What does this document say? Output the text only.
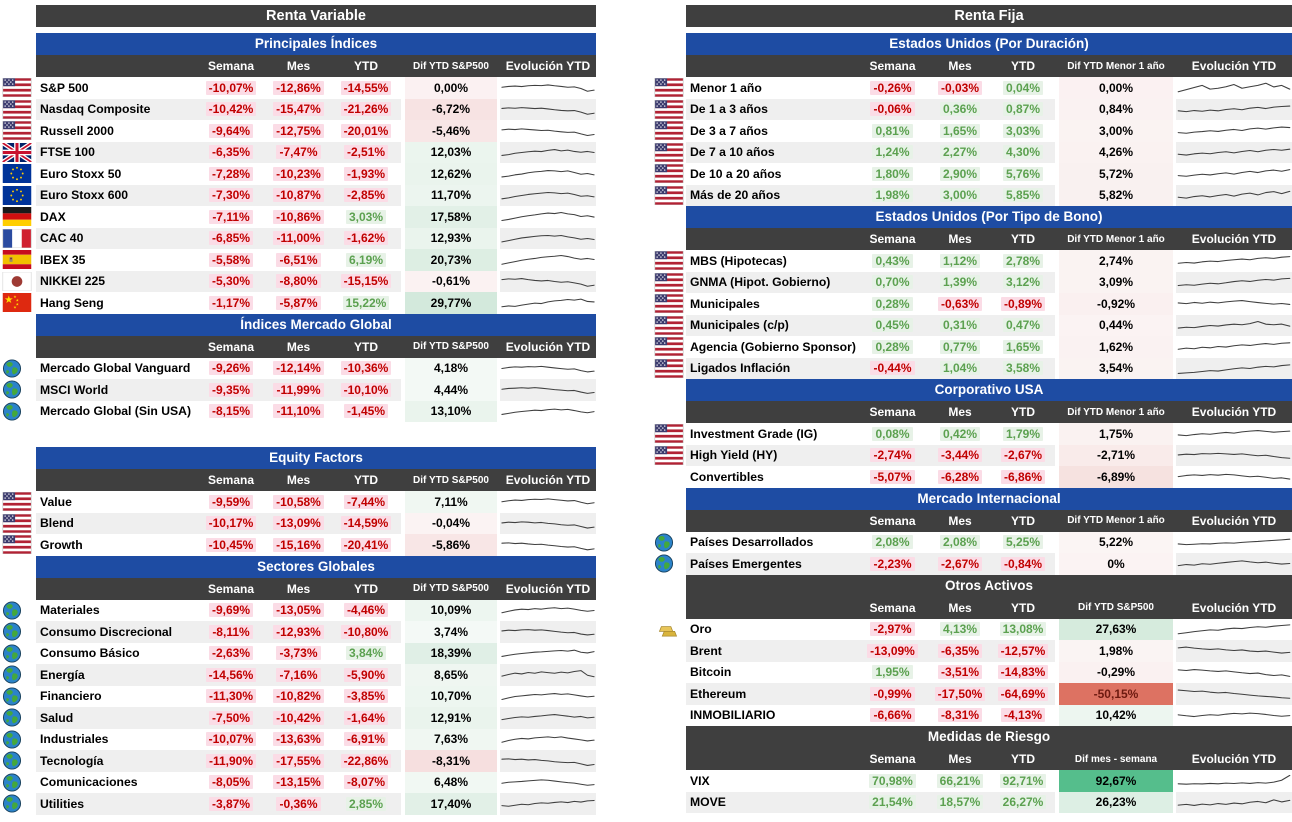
Renta Variable
Principales Índices
Semana	Mes	YTD	Dif YTD S&P500	Evolución YTD
S&P 500	-10,07% -12,86% -14,55%	0,00%
Nasdaq Composite	-10,42% -15,47% -21,26%	-6,72%
Russell 2000	-9,64% -12,75% -20,01%	-5,46%
FTSE 100	-6,35% -7,47% -2,51%	12,03%
Euro Stoxx 50	-7,28% -10,23% -1,93%	12,62%
Euro Stoxx 600	-7,30% -10,87% -2,85%	11,70%
DAX	-7,11% -10,86% 3,03%	17,58%
CAC 40	-6,85% -11,00% -1,62%	12,93%
IBEX 35	-5,58% -6,51%	6,19%	20,73%
NIKKEI 225	-5,30% -8,80% -15,15%	-0,61%
★ ★
★
★
★	Hang Seng	-1,17% -5,87% 15,22%	29,77%
Índices Mercado Global
Semana	Mes	YTD	Dif YTD S&P500	Evolución YTD
Mercado Global Vanguard	-9,26% -12,14% -10,36%	4,18%
MSCI World	-9,35% -11,99% -10,10%	4,44%
Mercado Global (Sin USA)	-8,15% -11,10% -1,45%	13,10%
Equity Factors
Semana	Mes	YTD	Dif YTD S&P500	Evolución YTD
Value	-9,59% -10,58% -7,44%	7,11%
Blend	-10,17% -13,09% -14,59%	-0,04%
Growth	-10,45% -15,16% -20,41%	-5,86%
Sectores Globales
Semana	Mes	YTD	Dif YTD S&P500	Evolución YTD
Materiales	-9,69% -13,05% -4,46%	10,09%
Consumo Discrecional	-8,11% -12,93% -10,80%	3,74%
Consumo Básico	-2,63% -3,73%	3,84%	18,39%
Energía	-14,56% -7,16% -5,90%	8,65%
Financiero	-11,30% -10,82% -3,85%	10,70%
Salud	-7,50% -10,42% -1,64%	12,91%
Industriales	-10,07% -13,63% -6,91%	7,63%
Tecnología	-11,90% -17,55% -22,86%	-8,31%
Comunicaciones	-8,05% -13,15% -8,07%	6,48%
Utilities	-3,87% -0,36%	2,85%	17,40%
Renta Fija
Estados Unidos (Por Duración)
Semana	Mes	YTD	Dif YTD Menor 1 año	Evolución YTD
Menor 1 año	-0,26% -0,03% 0,04%	0,00%
De 1 a 3 años	-0,06%	0,36% 0,87%	0,84%
De 3 a 7 años	0,81%	1,65% 3,03%	3,00%
De 7 a 10 años	1,24%	2,27% 4,30%	4,26%
De 10 a 20 años	1,80%	2,90% 5,76%	5,72%
Más de 20 años	1,98%	3,00% 5,85%	5,82%
Estados Unidos (Por Tipo de Bono)
Semana	Mes	YTD	Dif YTD Menor 1 año	Evolución YTD
MBS (Hipotecas)	0,43%	1,12% 2,78%	2,74%
GNMA (Hipot. Gobierno)	0,70%	1,39% 3,12%	3,09%
Municipales	0,28%	-0,63% -0,89%	-0,92%
Municipales (c/p)	0,45%	0,31% 0,47%	0,44%
Agencia (Gobierno Sponsor) 0,28%	0,77% 1,65%	1,62%
Ligados Inflación	-0,44%	1,04% 3,58%	3,54%
Corporativo USA
Semana	Mes	YTD	Dif YTD Menor 1 año	Evolución YTD
Investment Grade (IG)	0,08%	0,42% 1,79%	1,75%
High Yield (HY)	-2,74% -3,44% -2,67%	-2,71%
Convertibles	-5,07% -6,28% -6,86%	-6,89%
Mercado Internacional
Semana	Mes	YTD	Dif YTD Menor 1 año	Evolución YTD
Países Desarrollados	2,08%	2,08% 5,25%	5,22%
Países Emergentes	-2,23% -2,67% -0,84%	0%
Otros Activos
Semana	Mes	YTD	Dif YTD S&P500	Evolución YTD
Oro	-2,97%	4,13% 13,08%	27,63%
Brent	-13,09% -6,35% -12,57%	1,98%
Bitcoin	1,95%	-3,51% -14,83%	-0,29%
Ethereum	-0,99% -17,50% -64,69%	-50,15%
INMOBILIARIO	-6,66% -8,31% -4,13%	10,42%
Medidas de Riesgo
Semana	Mes	YTD	Dif mes - semana	Evolución YTD
VIX	70,98% 66,21% 92,71%	92,67%
MOVE	21,54% 18,57% 26,27%	26,23%
